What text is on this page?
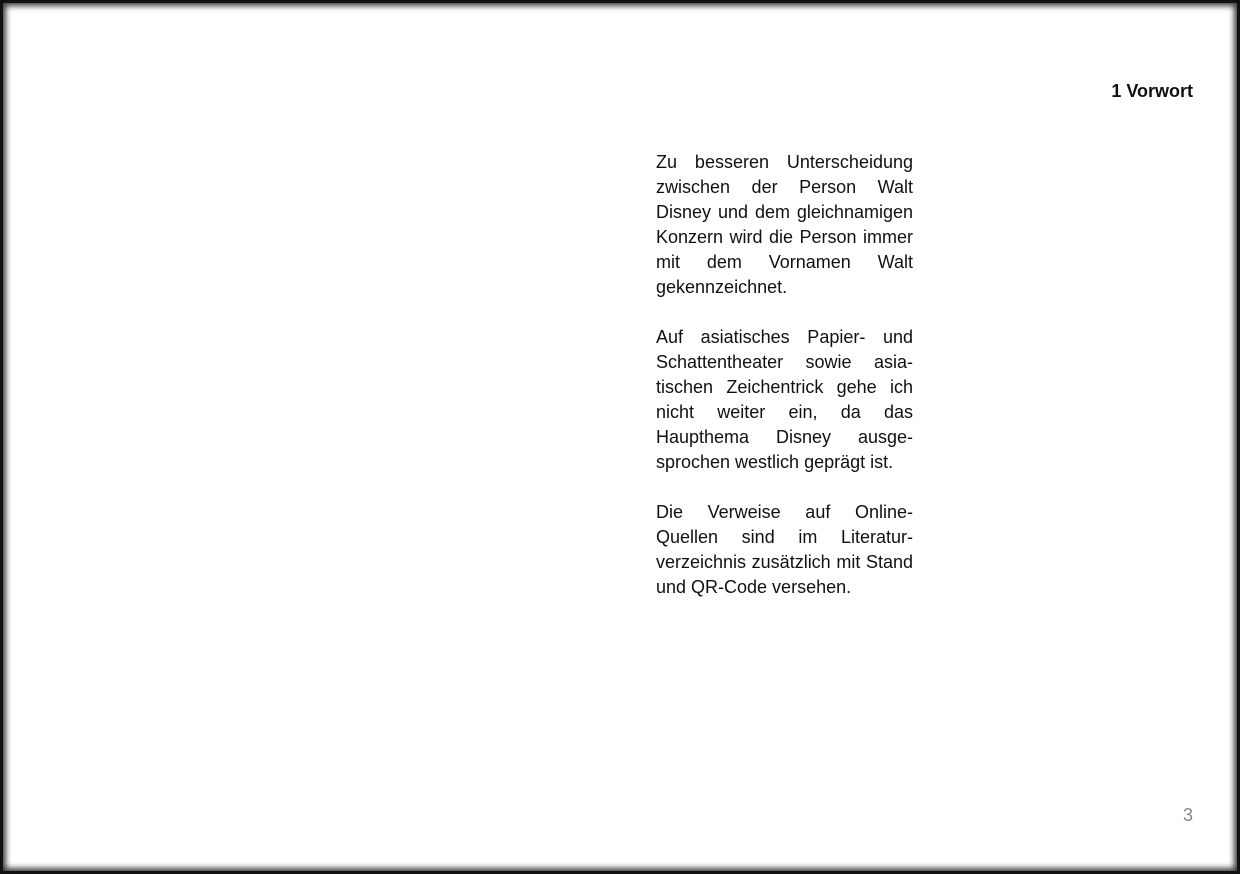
1 Vorwort

Zu besseren Unterscheidung zwischen der Person Walt Disney und dem gleichnamigen Konzern wird die Person immer mit dem Vornamen Walt gekennzeichnet.

Auf asiatisches Papier- und Schattentheater sowie asiatischen Zeichentrick gehe ich nicht weiter ein, da das Haupthema Disney ausgesprochen westlich geprägt ist.

Die Verweise auf Online-Quellen sind im Literaturverzeichnis zusätzlich mit Stand und QR-Code versehen.

3
